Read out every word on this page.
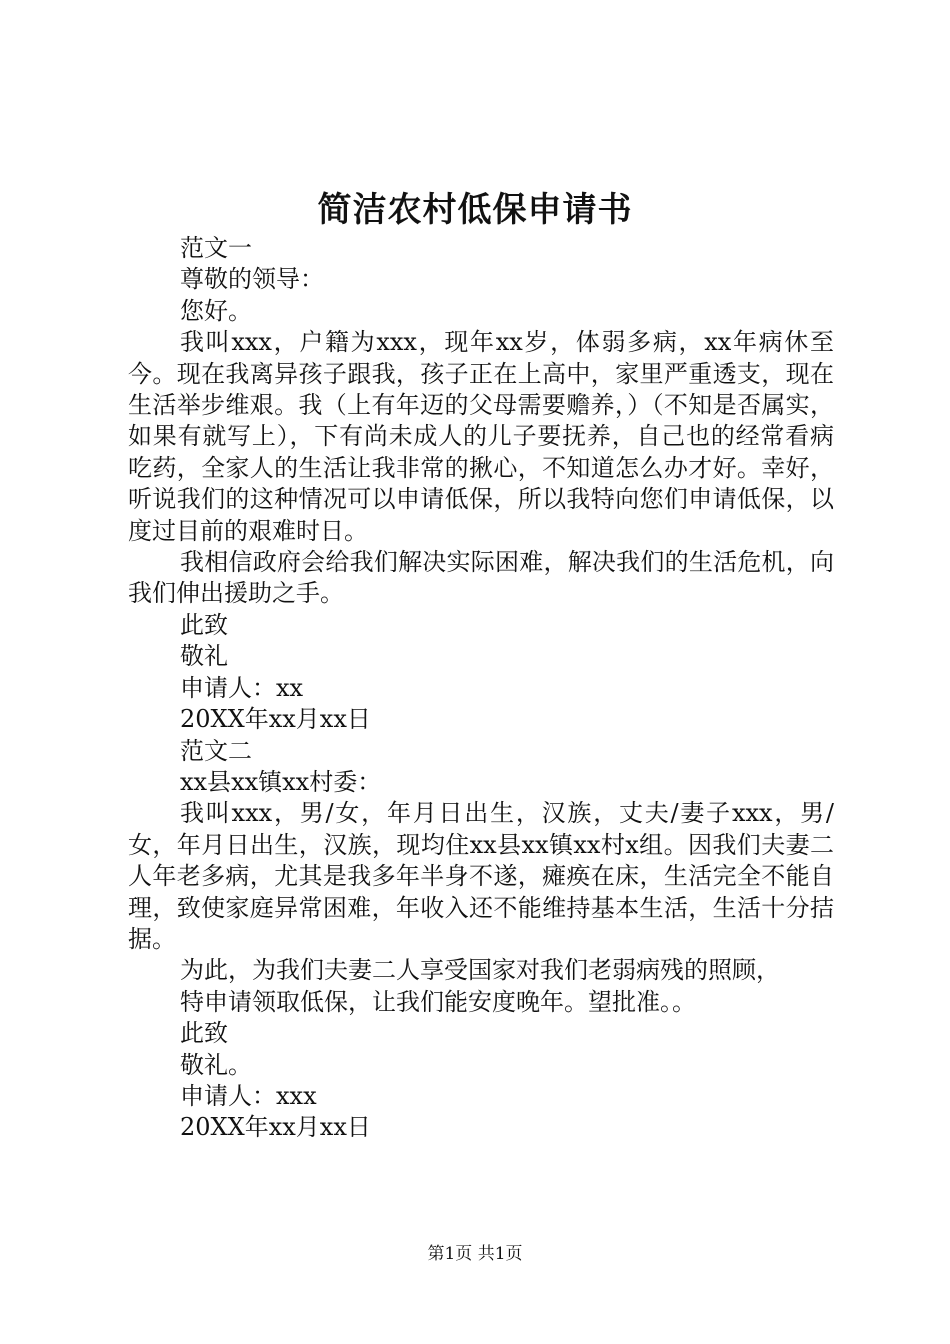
简洁农村低保申请书

范文一

尊敬的领导：

您好。

我叫xxx，户籍为xxx，现年xx岁，体弱多病，xx年病休至今。现在我离异孩子跟我，孩子正在上高中，家里严重透支，现在生活举步维艰。我（上有年迈的父母需要赡养，）（不知是否属实，如果有就写上），下有尚未成人的儿子要抚养，自己也的经常看病吃药，全家人的生活让我非常的揪心，不知道怎么办才好。幸好，听说我们的这种情况可以申请低保，所以我特向您们申请低保，以度过目前的艰难时日。

我相信政府会给我们解决实际困难，解决我们的生活危机，向我们伸出援助之手。

此致

敬礼

申请人：xx

20XX年xx月xx日

范文二

xx县xx镇xx村委：

我叫xxx，男/女，年月日出生，汉族，丈夫/妻子xxx，男/女，年月日出生，汉族，现均住xx县xx镇xx村x组。因我们夫妻二人年老多病，尤其是我多年半身不遂，瘫痪在床，生活完全不能自理，致使家庭异常困难，年收入还不能维持基本生活，生活十分拮据。

为此，为我们夫妻二人享受国家对我们老弱病残的照顾，

特申请领取低保，让我们能安度晚年。望批准。。

此致

敬礼。

申请人：xxx

20XX年xx月xx日

第1页 共1页
